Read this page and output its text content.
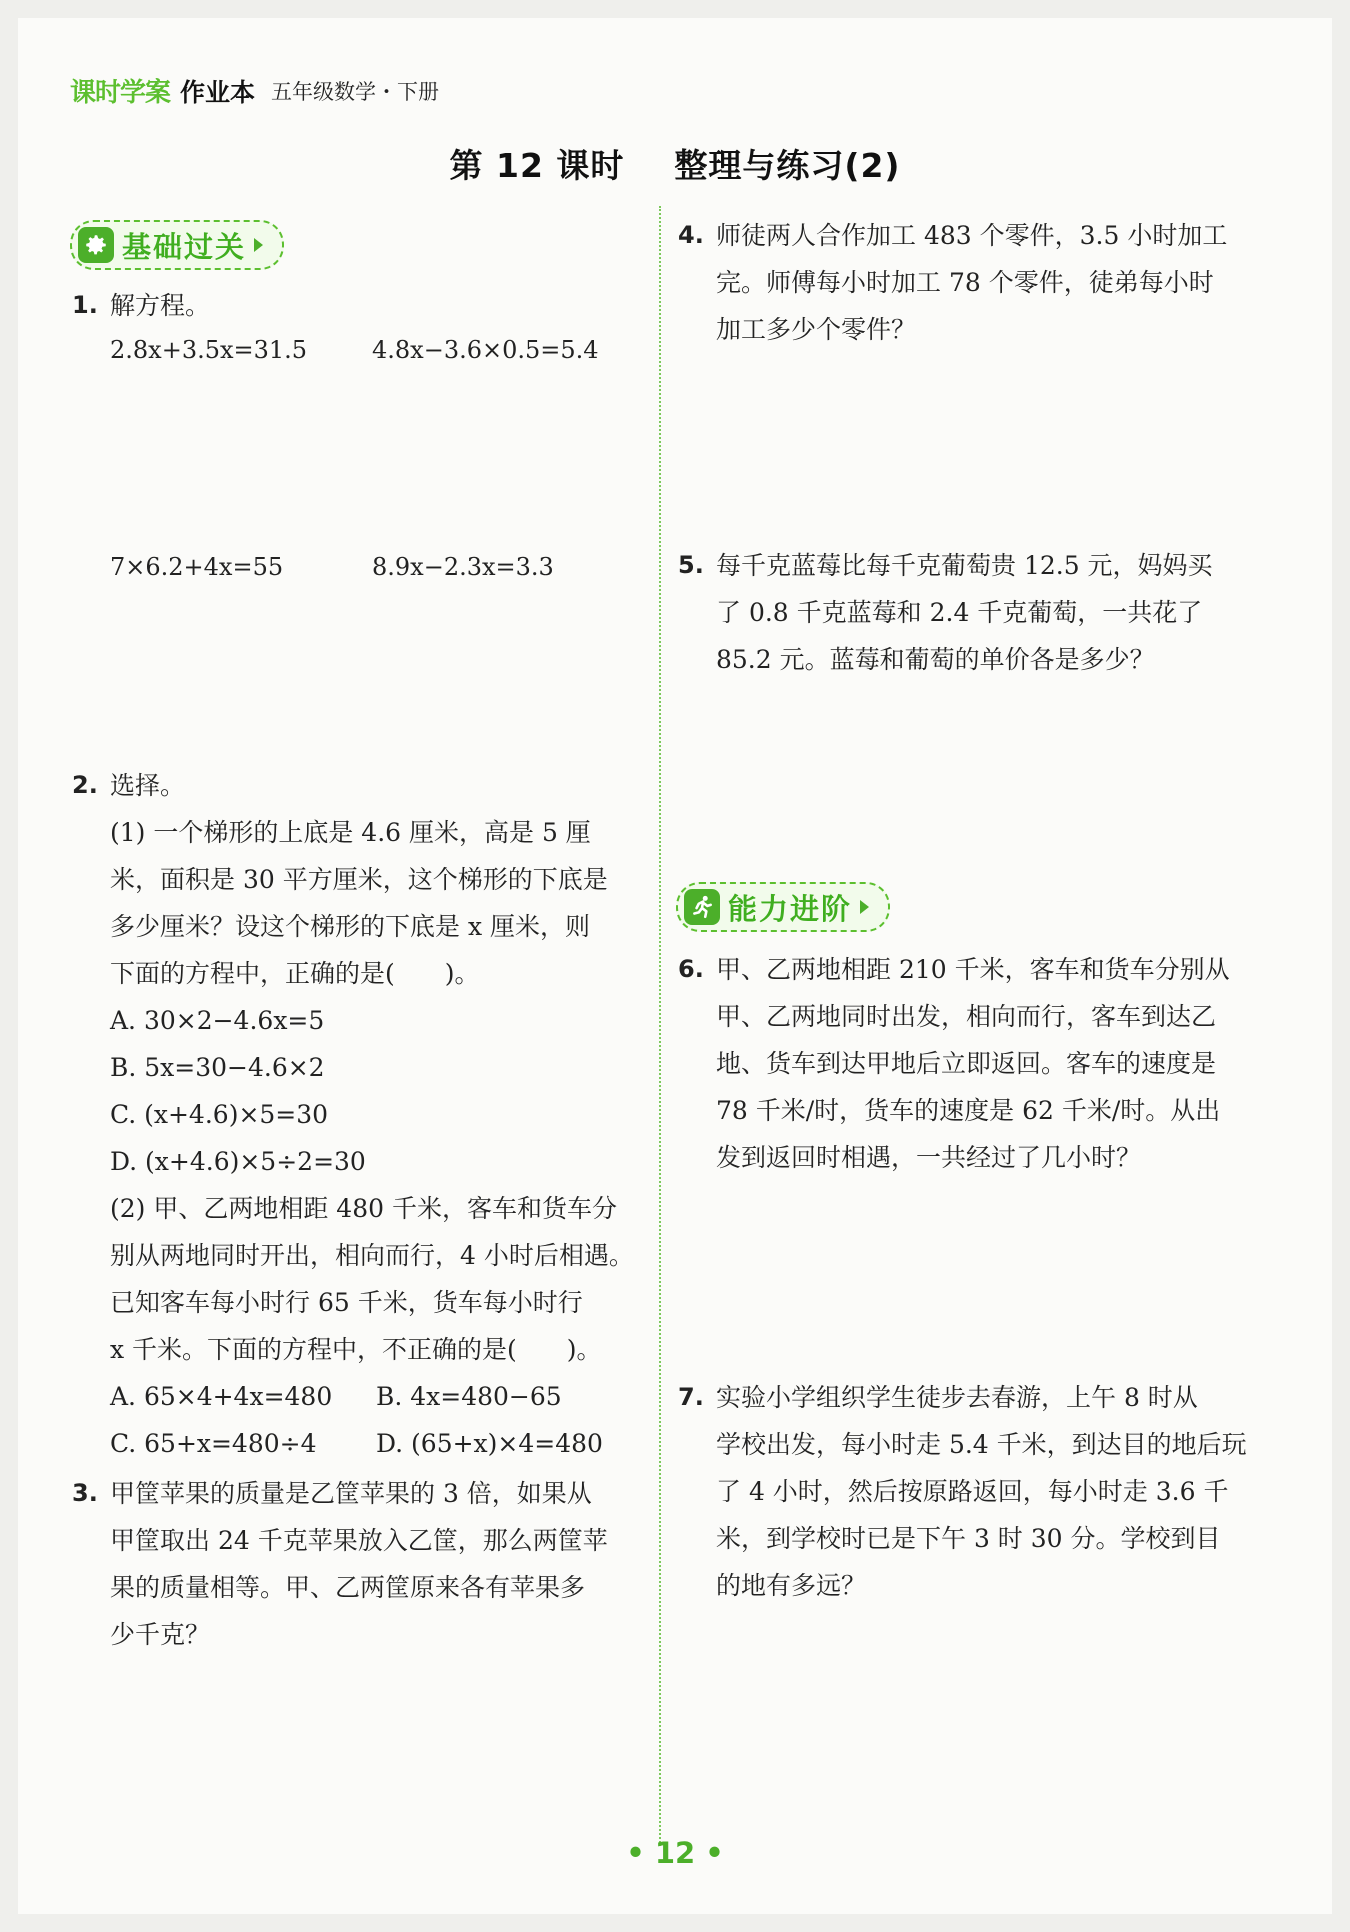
课时学案 作业本 五年级数学・下册
第 12 课时    整理与练习(2)
基础过关
1. 解方程。
2.8x+3.5x=31.5	4.8x−3.6×0.5=5.4
7×6.2+4x=55	8.9x−2.3x=3.3
2. 选择。
(1) 一个梯形的上底是 4.6 厘米，高是 5 厘
米，面积是 30 平方厘米，这个梯形的下底是
多少厘米？设这个梯形的下底是 x 厘米，则
下面的方程中，正确的是(　　)。
A. 30×2−4.6x=5
B. 5x=30−4.6×2
C. (x+4.6)×5=30
D. (x+4.6)×5÷2=30
(2) 甲、乙两地相距 480 千米，客车和货车分
别从两地同时开出，相向而行，4 小时后相遇。
已知客车每小时行 65 千米，货车每小时行
x 千米。下面的方程中，不正确的是(　　)。
A. 65×4+4x=480 B. 4x=480−65
C. 65+x=480÷4 D. (65+x)×4=480
3. 甲筐苹果的质量是乙筐苹果的 3 倍，如果从
甲筐取出 24 千克苹果放入乙筐，那么两筐苹
果的质量相等。甲、乙两筐原来各有苹果多
少千克？
4. 师徒两人合作加工 483 个零件，3.5 小时加工
完。师傅每小时加工 78 个零件，徒弟每小时
加工多少个零件？
5. 每千克蓝莓比每千克葡萄贵 12.5 元，妈妈买
了 0.8 千克蓝莓和 2.4 千克葡萄，一共花了
85.2 元。蓝莓和葡萄的单价各是多少？
能力进阶
6. 甲、乙两地相距 210 千米，客车和货车分别从
甲、乙两地同时出发，相向而行，客车到达乙
地、货车到达甲地后立即返回。客车的速度是
78 千米/时，货车的速度是 62 千米/时。从出
发到返回时相遇，一共经过了几小时？
7. 实验小学组织学生徒步去春游，上午 8 时从
学校出发，每小时走 5.4 千米，到达目的地后玩
了 4 小时，然后按原路返回，每小时走 3.6 千
米，到学校时已是下午 3 时 30 分。学校到目
的地有多远？
• 12 •
